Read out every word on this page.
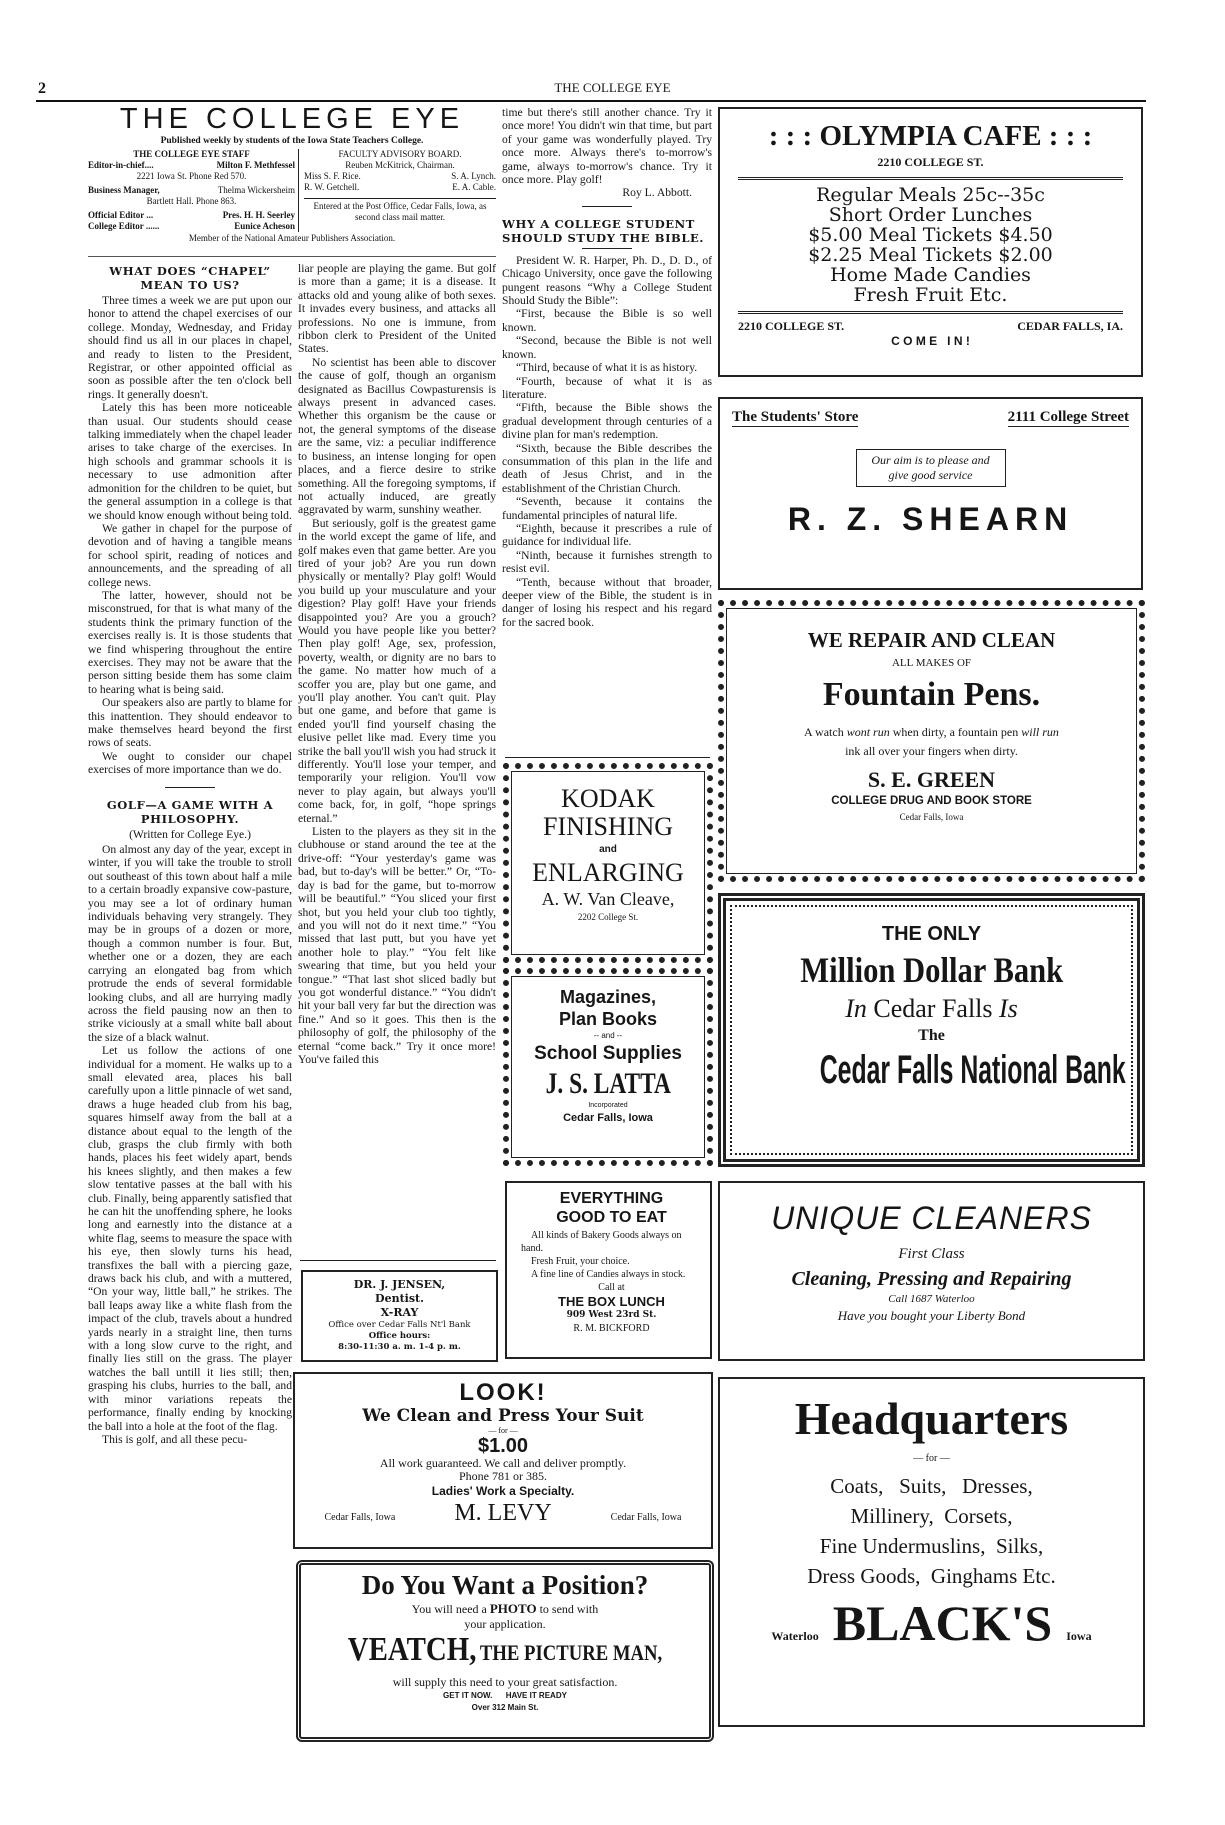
2	THE COLLEGE EYE
THE COLLEGE EYE
Published weekly by students of the Iowa State Teachers College.
THE COLLEGE EYE STAFF
Editor-in-chief....	Milton F. Methfessel
2221 Iowa St. Phone Red 570.
Business Manager,	Thelma Wickersheim
Bartlett Hall. Phone 863.
Official Editor ...	Pres. H. H. Seerley
College Editor ......	Eunice Acheson
FACULTY ADVISORY BOARD.
Reuben McKitrick, Chairman.
Miss S. F. Rice.	S. A. Lynch.
R. W. Getchell.	E. A. Cable.
Entered at the Post Office, Cedar Falls, Iowa, as second class mail matter.
Member of the National Amateur Publishers Association.
WHAT DOES “CHAPEL” MEAN TO US?

Three times a week we are put upon our honor to attend the chapel exercises of our college. Monday, Wednesday, and Friday should find us all in our places in chapel, and ready to listen to the President, Registrar, or other appointed official as soon as possible after the ten o'clock bell rings. It generally doesn't.

Lately this has been more noticeable than usual. Our students should cease talking immediately when the chapel leader arises to take charge of the exercises. In high schools and grammar schools it is necessary to use admonition after admonition for the children to be quiet, but the general assumption in a college is that we should know enough without being told.

We gather in chapel for the purpose of devotion and of having a tangible means for school spirit, reading of notices and announcements, and the spreading of all college news.

The latter, however, should not be misconstrued, for that is what many of the students think the primary function of the exercises really is. It is those students that we find whispering throughout the entire exercises. They may not be aware that the person sitting beside them has some claim to hearing what is being said.

Our speakers also are partly to blame for this inattention. They should endeavor to make themselves heard beyond the first rows of seats.

We ought to consider our chapel exercises of more importance than we do.

GOLF—A GAME WITH A PHILOSOPHY.
(Written for College Eye.)

On almost any day of the year, except in winter, if you will take the trouble to stroll out southeast of this town about half a mile to a certain broadly expansive cow-pasture, you may see a lot of ordinary human individuals behaving very strangely. They may be in groups of a dozen or more, though a common number is four. But, whether one or a dozen, they are each carrying an elongated bag from which protrude the ends of several formidable looking clubs, and all are hurrying madly across the field pausing now an then to strike viciously at a small white ball about the size of a black walnut.

Let us follow the actions of one individual for a moment. He walks up to a small elevated area, places his ball carefully upon a little pinnacle of wet sand, draws a huge headed club from his bag, squares himself away from the ball at a distance about equal to the length of the club, grasps the club firmly with both hands, places his feet widely apart, bends his knees slightly, and then makes a few slow tentative passes at the ball with his club. Finally, being apparently satisfied that he can hit the unoffending sphere, he looks long and earnestly into the distance at a white flag, seems to measure the space with his eye, then slowly turns his head, transfixes the ball with a piercing gaze, draws back his club, and with a muttered, “On your way, little ball,” he strikes. The ball leaps away like a white flash from the impact of the club, travels about a hundred yards nearly in a straight line, then turns with a long slow curve to the right, and finally lies still on the grass. The player watches the ball untill it lies still; then, grasping his clubs, hurries to the ball, and with minor variations repeats the performance, finally ending by knocking the ball into a hole at the foot of the flag.

This is golf, and all these pecu-

liar people are playing the game. But golf is more than a game; it is a disease. It attacks old and young alike of both sexes. It invades every business, and attacks all professions. No one is immune, from ribbon clerk to President of the United States.

No scientist has been able to discover the cause of golf, though an organism designated as Bacillus Cowpasturensis is always present in advanced cases. Whether this organism be the cause or not, the general symptoms of the disease are the same, viz: a peculiar indifference to business, an intense longing for open places, and a fierce desire to strike something. All the foregoing symptoms, if not actually induced, are greatly aggravated by warm, sunshiny weather.

But seriously, golf is the greatest game in the world except the game of life, and golf makes even that game better. Are you tired of your job? Are you run down physically or mentally? Play golf! Would you build up your musculature and your digestion? Play golf! Have your friends disappointed you? Are you a grouch? Would you have people like you better? Then play golf! Age, sex, profession, poverty, wealth, or dignity are no bars to the game. No matter how much of a scoffer you are, play but one game, and you'll play another. You can't quit. Play but one game, and before that game is ended you'll find yourself chasing the elusive pellet like mad. Every time you strike the ball you'll wish you had struck it differently. You'll lose your temper, and temporarily your religion. You'll vow never to play again, but always you'll come back, for, in golf, “hope springs eternal.”

Listen to the players as they sit in the clubhouse or stand around the tee at the drive-off: “Your yesterday's game was bad, but to-day's will be better.” Or, “To-day is bad for the game, but to-morrow will be beautiful.” “You sliced your first shot, but you held your club too tightly, and you will not do it next time.” “You missed that last putt, but you have yet another hole to play.” “You felt like swearing that time, but you held your tongue.” “That last shot sliced badly but you got wonderful distance.” “You didn't hit your ball very far but the direction was fine.” And so it goes. This then is the philosophy of golf, the philosophy of the eternal “come back.” Try it once more! You've failed this

DR. J. JENSEN,
Dentist.
X-RAY
Office over Cedar Falls Nt'l Bank
Office hours:
8:30-11:30 a. m. 1-4 p. m.

time but there's still another chance. Try it once more! You didn't win that time, but part of your game was wonderfully played. Try once more. Always there's to-morrow's game, always to-morrow's chance. Try it once more. Play golf!

Roy L. Abbott.
WHY A COLLEGE STUDENT SHOULD STUDY THE BIBLE.

President W. R. Harper, Ph. D., D. D., of Chicago University, once gave the following pungent reasons “Why a College Student Should Study the Bible”:

“First, because the Bible is so well known.

“Second, because the Bible is not well known.

“Third, because of what it is as history.

“Fourth, because of what it is as literature.

“Fifth, because the Bible shows the gradual development through centuries of a divine plan for man's redemption.

“Sixth, because the Bible describes the consummation of this plan in the life and death of Jesus Christ, and in the establishment of the Christian Church.

“Seventh, because it contains the fundamental principles of natural life.

“Eighth, because it prescribes a rule of guidance for individual life.

“Ninth, because it furnishes strength to resist evil.

“Tenth, because without that broader, deeper view of the Bible, the student is in danger of losing his respect and his regard for the sacred book.

KODAK
FINISHING
and
ENLARGING
A. W. Van Cleave,
2202 College St.
Magazines,
Plan Books
-- and --
School Supplies
J. S. LATTA
Incorporated
Cedar Falls, Iowa
EVERYTHING
GOOD TO EAT
All kinds of Bakery Goods always on hand.
Fresh Fruit, your choice.
A fine line of Candies always in stock.
Call at
THE BOX LUNCH
909 West 23rd St.
R. M. BICKFORD
LOOK!
We Clean and Press Your Suit
— for —
$1.00
All work guaranteed. We call and deliver promptly.
Phone 781 or 385.
Ladies' Work a Specialty.
Cedar Falls, Iowa M. LEVY	Cedar Falls, Iowa
Do You Want a Position?
You will need a PHOTO to send with
your application.
VEATCH, THE PICTURE MAN,
will supply this need to your great satisfaction.
GET IT NOW. HAVE IT READY
Over 312 Main St.
: : : OLYMPIA CAFE : : :
2210 COLLEGE ST.
Regular Meals 25c--35c
Short Order Lunches
$5.00 Meal Tickets $4.50
$2.25 Meal Tickets $2.00
Home Made Candies
Fresh Fruit Etc.
2210 COLLEGE ST.	CEDAR FALLS, IA.
C O M E   I N !
The Students' Store	2111 College Street
Our aim is to please and give good service
R. Z. SHEARN
WE REPAIR AND CLEAN
ALL MAKES OF
Fountain Pens.
A watch wont run when dirty, a fountain pen will run
ink all over your fingers when dirty.
S. E. GREEN
COLLEGE DRUG AND BOOK STORE
Cedar Falls, Iowa
THE ONLY
Million Dollar Bank
In Cedar Falls Is
The
Cedar Falls National Bank
UNIQUE CLEANERS
First Class
Cleaning, Pressing and Repairing
Call 1687 Waterloo
Have you bought your Liberty Bond
Headquarters
— for —
Coats,   Suits,   Dresses,
Millinery,  Corsets,
Fine Undermuslins,  Silks,
Dress Goods,  Ginghams Etc.
Waterloo BLACK'S Iowa
